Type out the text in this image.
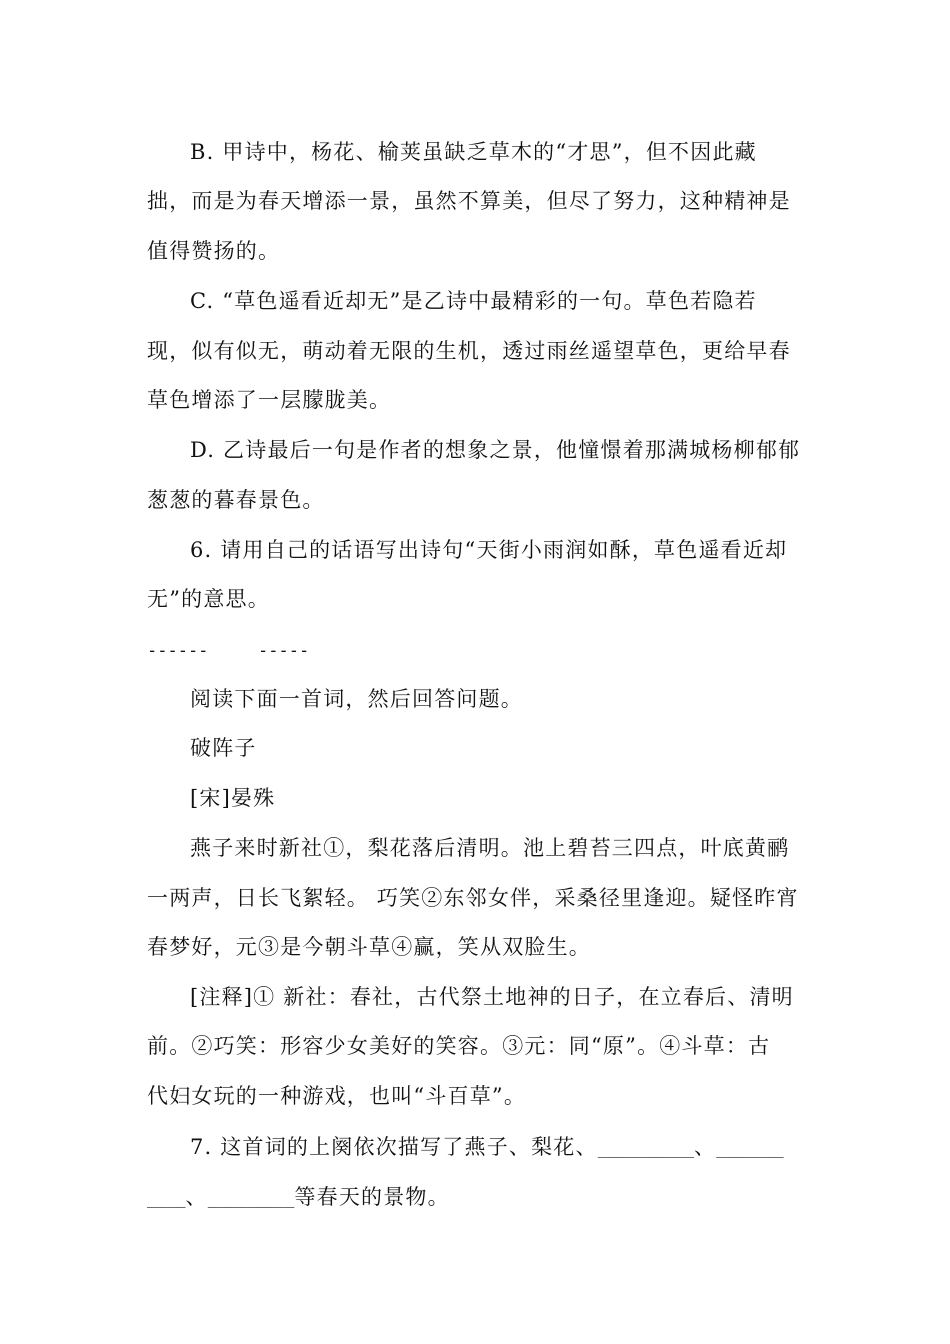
B. 甲诗中，杨花、榆荚虽缺乏草木的“才思”，但不因此藏
拙，而是为春天增添一景，虽然不算美，但尽了努力，这种精神是
值得赞扬的。
C. “草色遥看近却无”是乙诗中最精彩的一句。草色若隐若
现，似有似无，萌动着无限的生机，透过雨丝遥望草色，更给早春
草色增添了一层朦胧美。
D. 乙诗最后一句是作者的想象之景，他憧憬着那满城杨柳郁郁
葱葱的暮春景色。
6. 请用自己的话语写出诗句“天街小雨润如酥，草色遥看近却
无”的意思。
------	-----
阅读下面一首词，然后回答问题。
破阵子
[宋]晏殊
燕子来时新社①，梨花落后清明。池上碧苔三四点，叶底黄鹂
一两声，日长飞絮轻。 巧笑②东邻女伴，采桑径里逢迎。疑怪昨宵
春梦好，元③是今朝斗草④赢，笑从双脸生。
[注释]① 新社：春社，古代祭土地神的日子，在立春后、清明
前。②巧笑：形容少女美好的笑容。③元：同“原”。④斗草：古
代妇女玩的一种游戏，也叫“斗百草”。
7. 这首词的上阕依次描写了燕子、梨花、__________、_______
____、_________等春天的景物。
